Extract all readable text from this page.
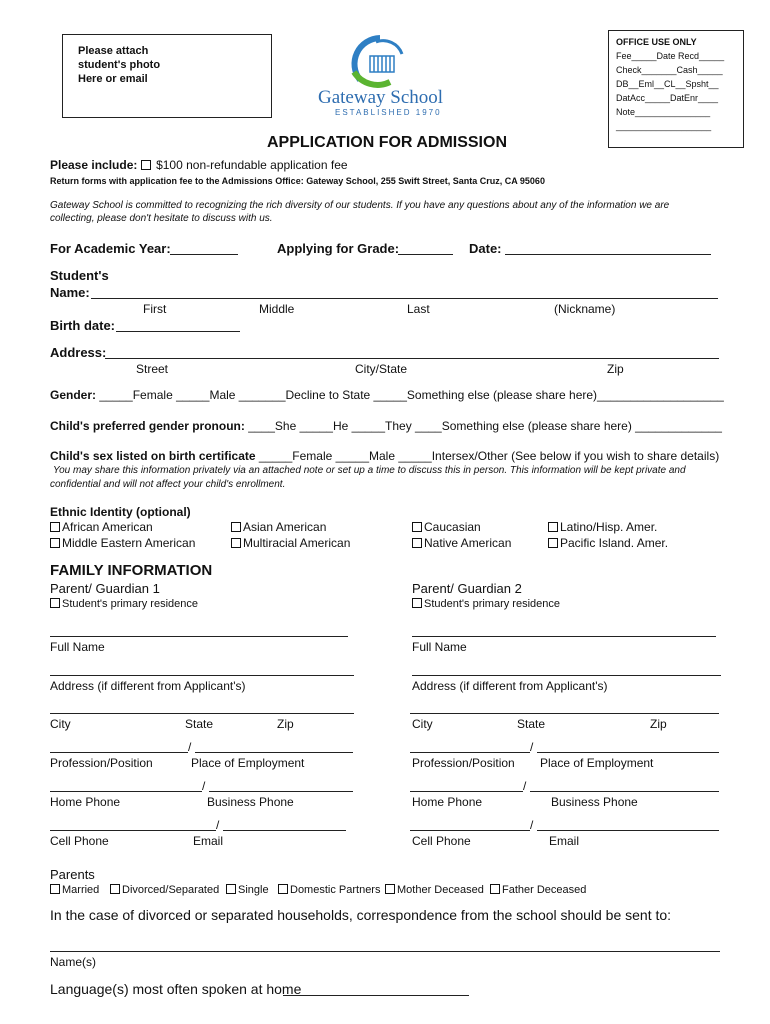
Please attach
student's photo
Here or email
Gateway School
ESTABLISHED 1970
OFFICE USE ONLY
Fee_____Date Recd_____
Check_______Cash_____
DB__Eml__CL__Spsht__
DatAcc_____DatEnr____
Note_______________
___________________
APPLICATION FOR ADMISSION
Please include: $100 non-refundable application fee
Return forms with application fee to the Admissions Office: Gateway School, 255 Swift Street, Santa Cruz, CA 95060
Gateway School is committed to recognizing the rich diversity of our students. If you have any questions about any of the information we are
collecting, please don't hesitate to discuss with us.
For Academic Year:	Applying for Grade:	Date:
Student's
Name:
First	Middle	Last	(Nickname)
Birth date:
Address:
Street	City/State	Zip
Gender: _____Female _____Male _______Decline to State _____Something else (please share here)___________________
Child's preferred gender pronoun: ____She _____He _____They ____Something else (please share here) _____________
Child's sex listed on birth certificate _____Female _____Male _____Intersex/Other (See below if you wish to share details)
You may share this information privately via an attached note or set up a time to discuss this in person. This information will be kept private and
confidential and will not affect your child's enrollment.
Ethnic Identity (optional)
African American	Asian American	Caucasian	Latino/Hisp. Amer.
Middle Eastern American	Multiracial American	Native American	Pacific Island. Amer.
FAMILY INFORMATION
Parent/ Guardian 1	Parent/ Guardian 2
Student's primary residence	Student's primary residence
Full Name
Address (if different from Applicant's)
City	State	Zip
/
Profession/Position	Place of Employment
/
Home Phone	Business Phone
/
Cell Phone	Email
Full Name
Address (if different from Applicant's)
City	State	Zip
/
Profession/Position Place of Employment
/
Home Phone	Business Phone
/
Cell Phone	Email
Parents
Married	Divorced/Separated	Single	Domestic Partners	Mother Deceased	Father Deceased
In the case of divorced or separated households, correspondence from the school should be sent to:
Name(s)
Language(s) most often spoken at home
